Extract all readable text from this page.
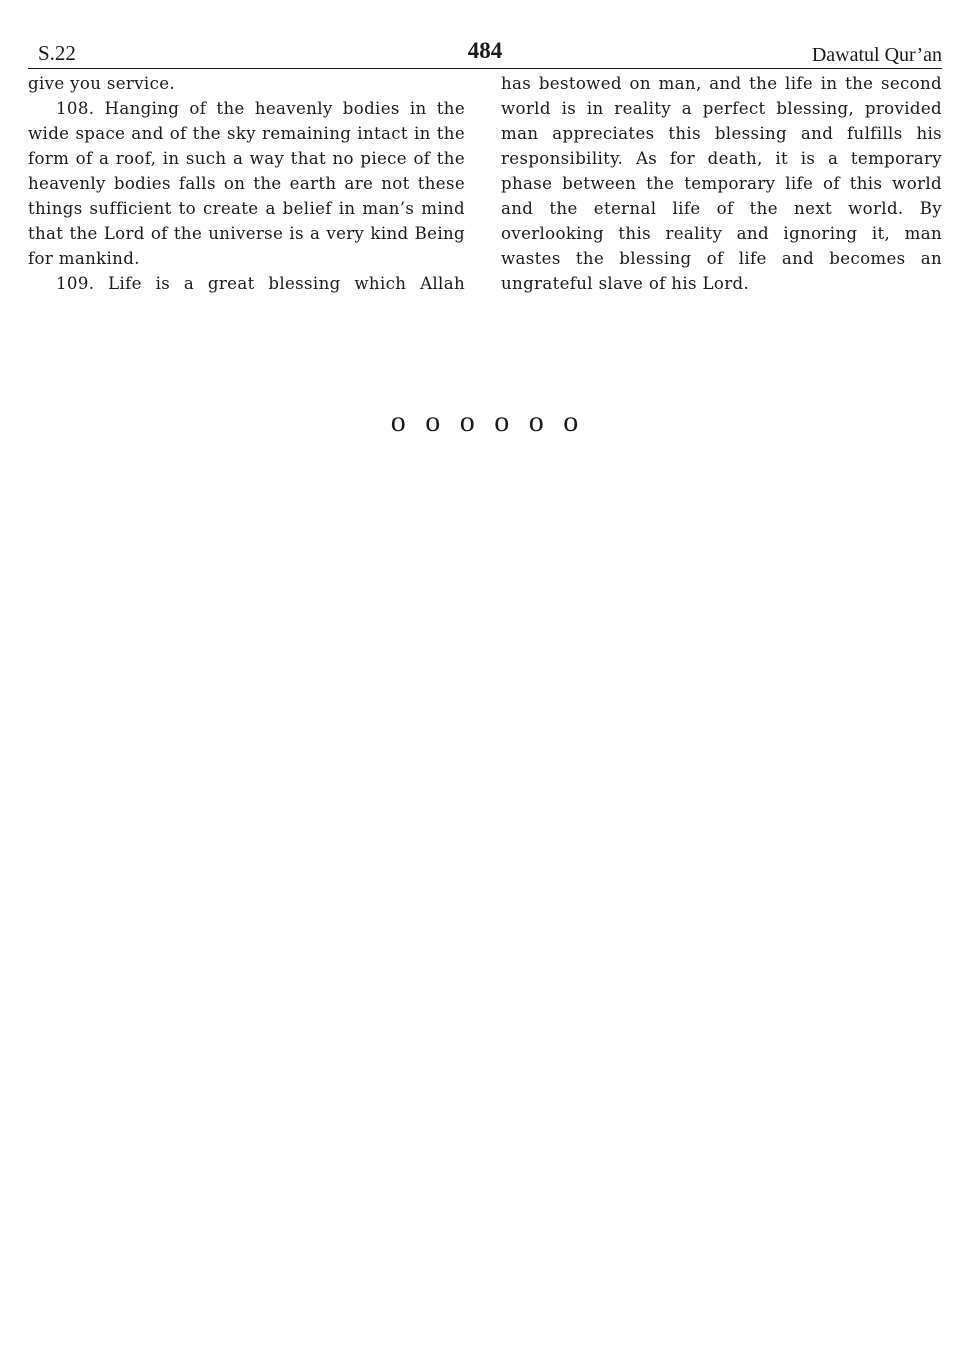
S.22	484	Dawatul Qur’an

give you service.

108. Hanging of the heavenly bodies in the wide space and of the sky remaining intact in the form of a roof, in such a way that no piece of the heavenly bodies falls on the earth are not these things sufficient to create a belief in man’s mind that the Lord of the universe is a very kind Being for mankind.

109. Life is a great blessing which Allah

has bestowed on man, and the life in the second world is in reality a perfect blessing, provided man appreciates this blessing and fulfills his responsibility. As for death, it is a temporary phase between the temporary life of this world and the eternal life of the next world. By overlooking this reality and ignoring it, man wastes the blessing of life and becomes an ungrateful slave of his Lord.

o o o o o o
